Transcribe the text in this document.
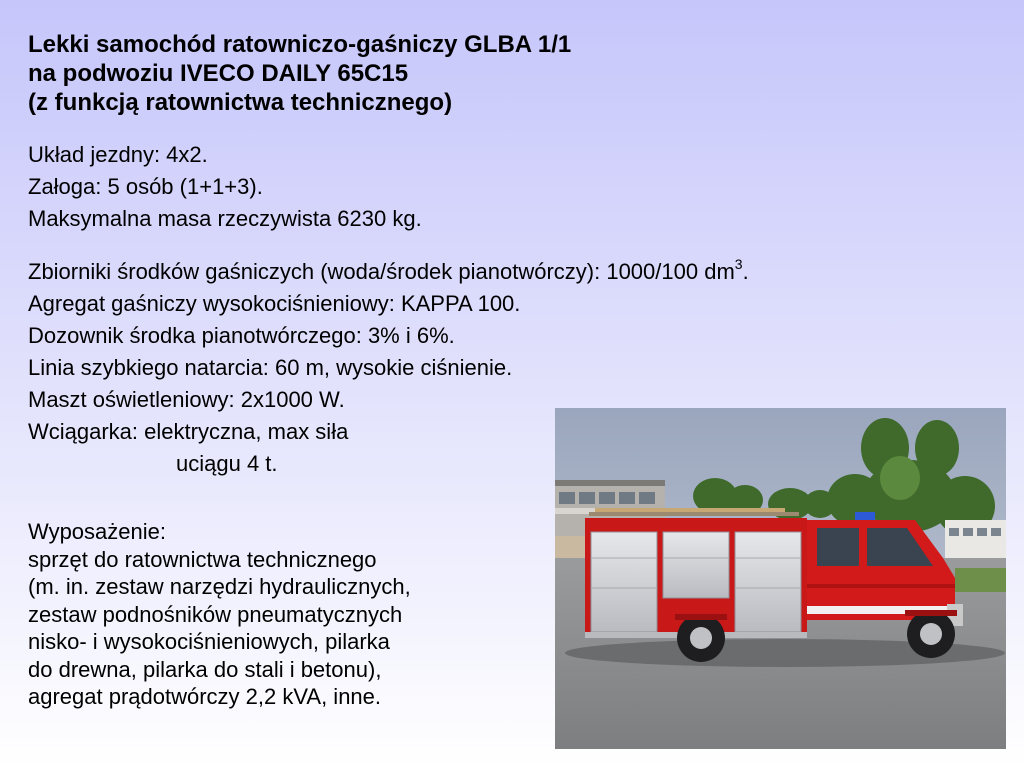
Lekki samochód ratowniczo-gaśniczy GLBA 1/1
na podwoziu IVECO DAILY 65C15
(z funkcją ratownictwa technicznego)
Układ jezdny: 4x2.
Załoga: 5 osób (1+1+3).
Maksymalna masa rzeczywista 6230 kg.
Zbiorniki środków gaśniczych (woda/środek pianotwórczy): 1000/100 $dm^3$.
Agregat gaśniczy wysokociśnieniowy: KAPPA 100.
Dozownik środka pianotwórczego: 3% i 6%.
Linia szybkiego natarcia: 60 m, wysokie ciśnienie.
Maszt oświetleniowy: 2x1000 W.
Wciągarka: elektryczna, max siła
uciągu 4 t.
Wyposażenie:
sprzęt do ratownictwa technicznego
(m. in. zestaw narzędzi hydraulicznych,
zestaw podnośników pneumatycznych
nisko- i wysokociśnieniowych, pilarka
do drewna, pilarka do stali i betonu),
agregat prądotwórczy 2,2 kVA, inne.
